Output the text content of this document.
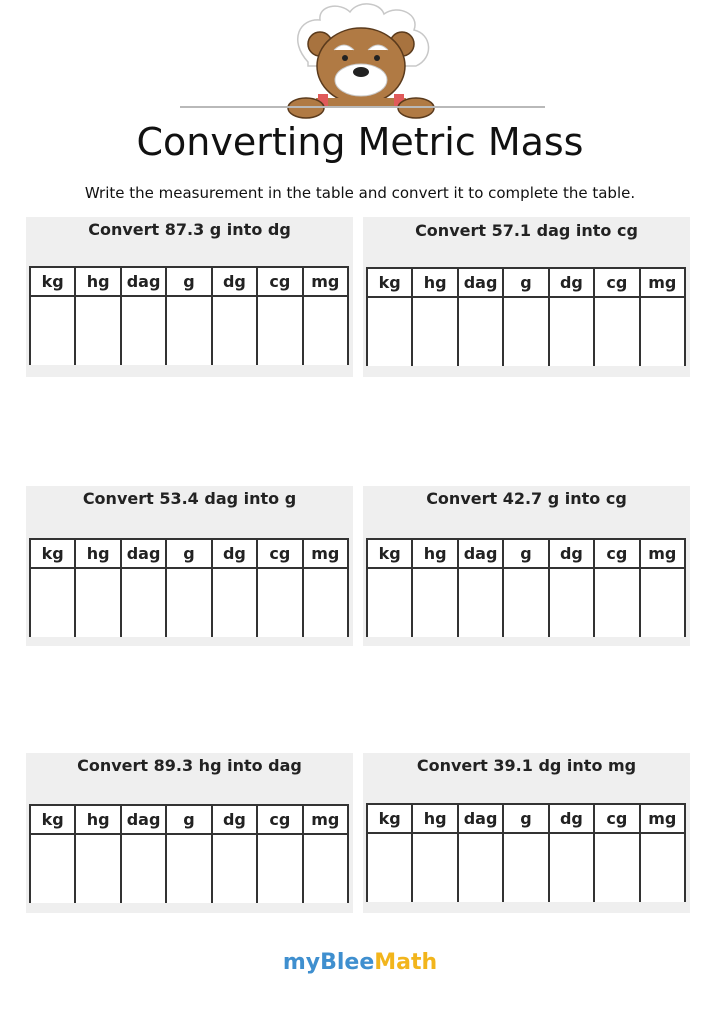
Converting Metric Mass
Write the measurement in the table and convert it to complete the table.
Convert 87.3 g into dg
kg	hg	dag	g	dg	cg	mg

Convert 57.1 dag into cg
kg	hg	dag	g	dg	cg	mg

Convert 53.4 dag into g
kg	hg	dag	g	dg	cg	mg

Convert 42.7 g into cg
kg	hg	dag	g	dg	cg	mg

Convert 89.3 hg into dag
kg	hg	dag	g	dg	cg	mg

Convert 39.1 dg into mg
kg	hg	dag	g	dg	cg	mg

myBleeMath
